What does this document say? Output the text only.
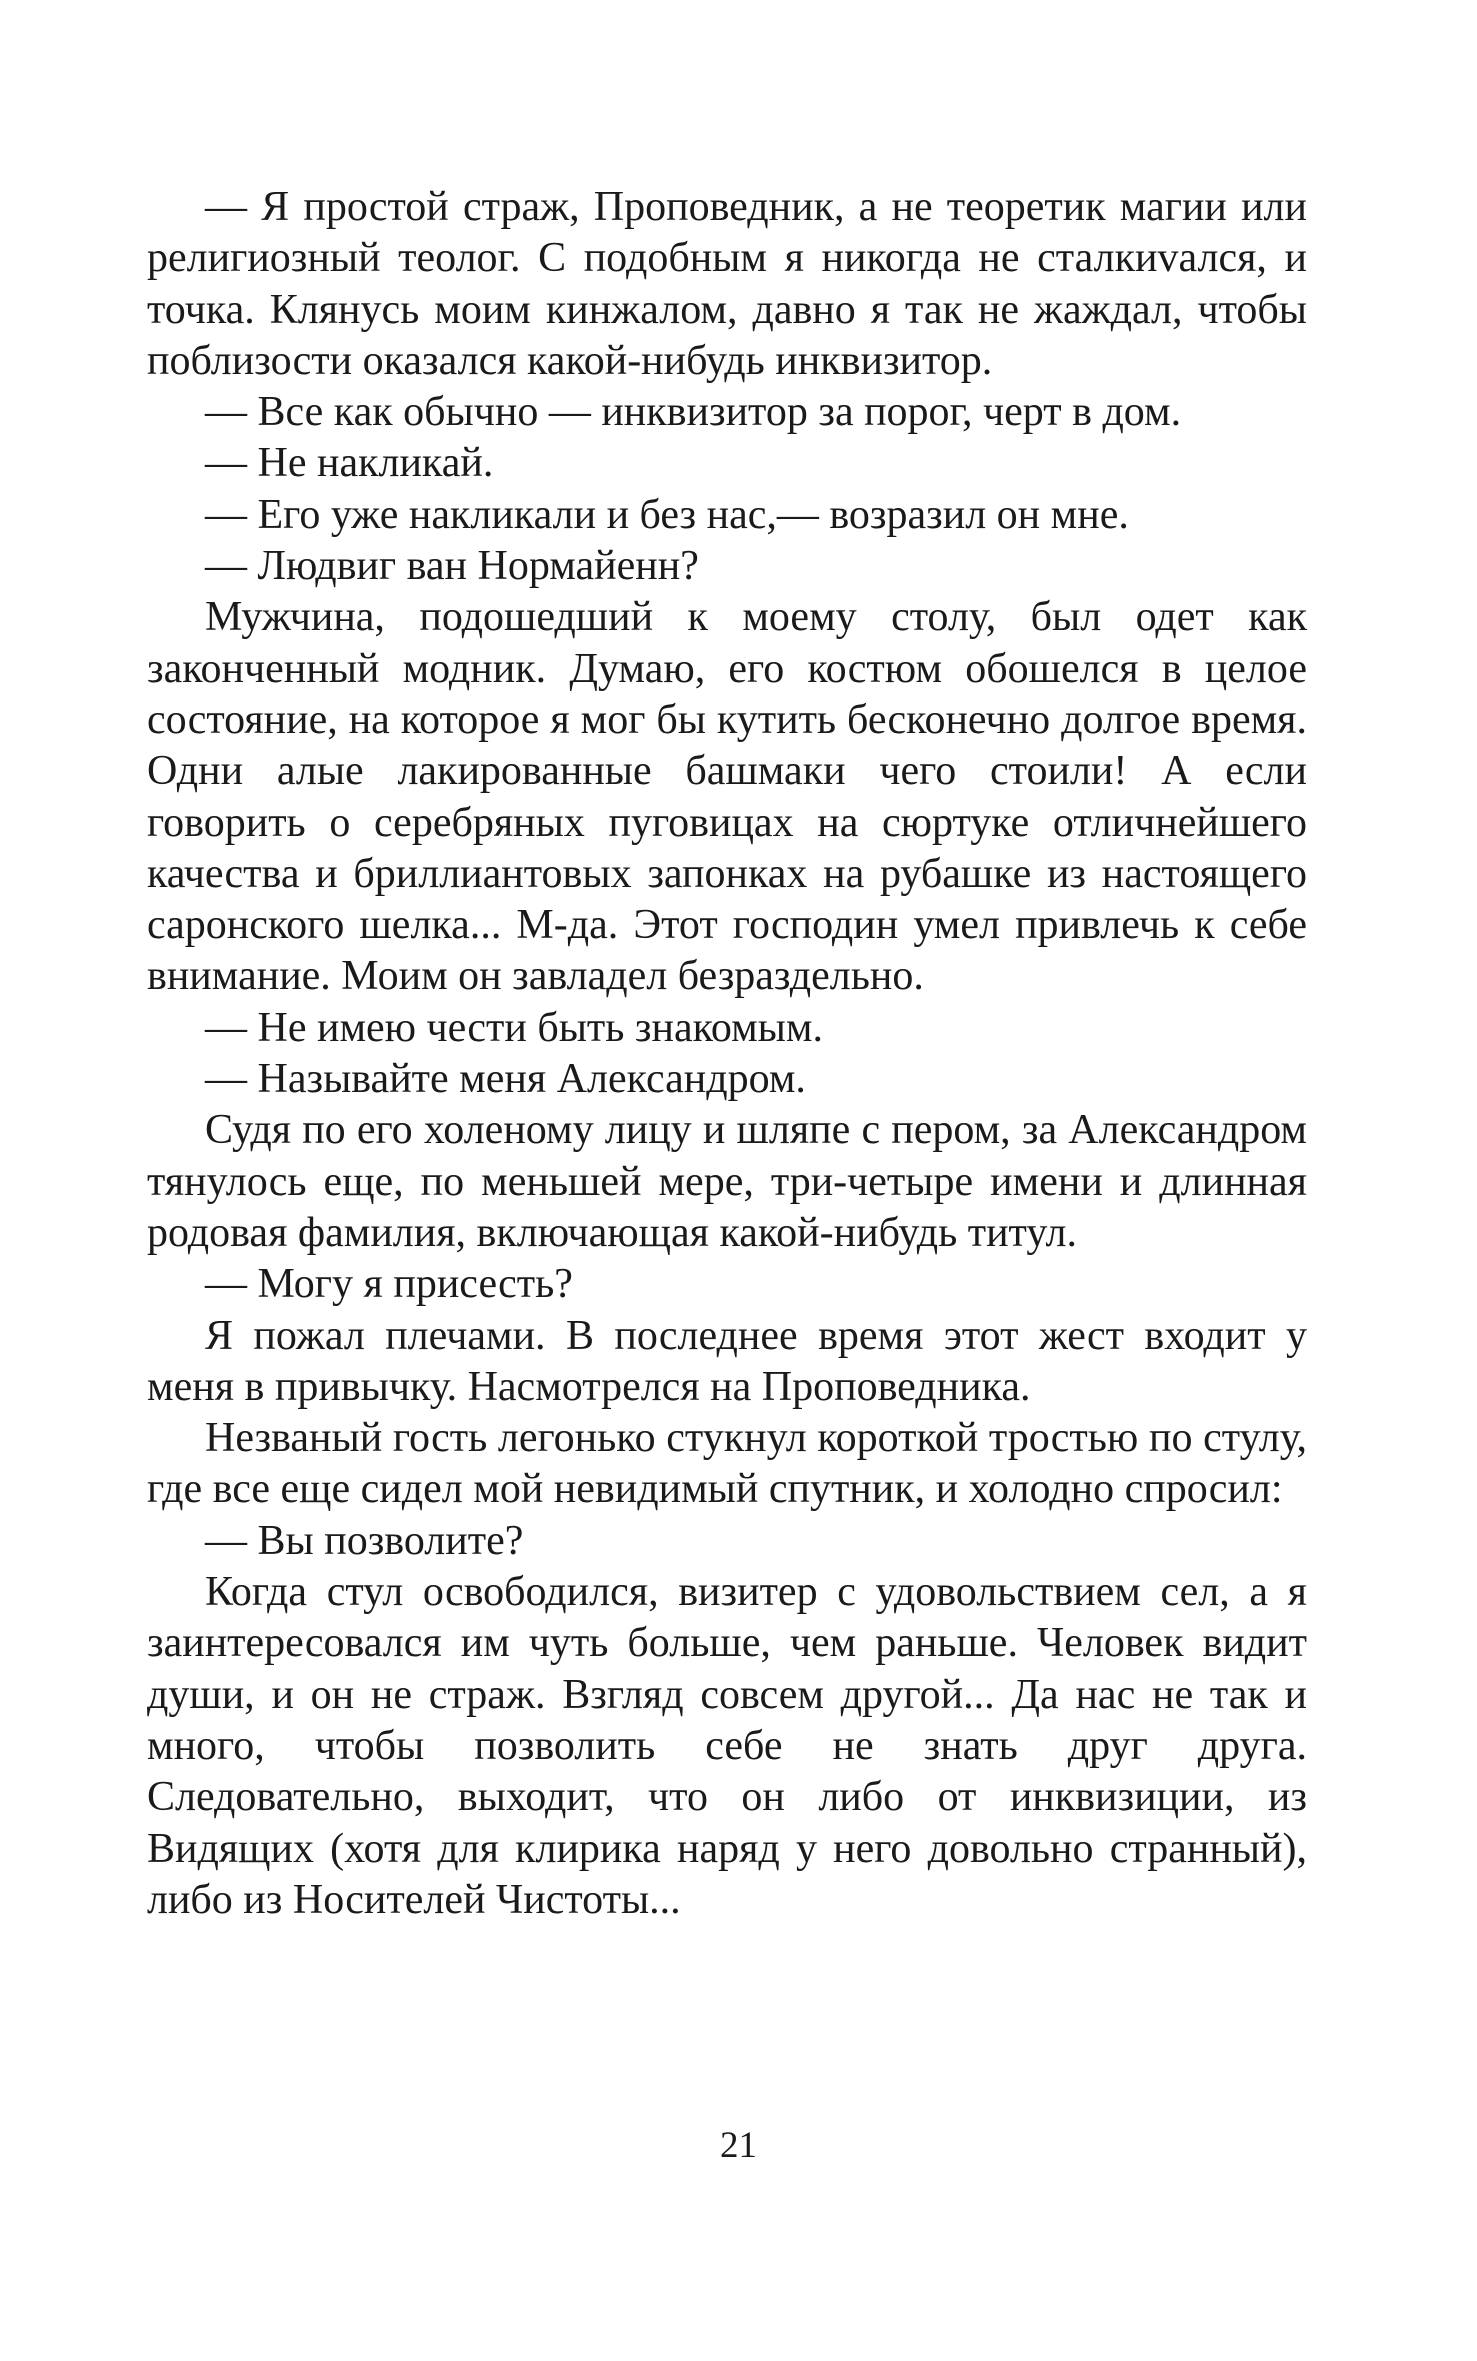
— Я простой страж, Проповедник, а не теоретик магии или религиозный теолог. С подобным я никогда не сталкиvался, и точка. Клянусь моим кинжалом, давно я так не жаждал, чтобы поблизости оказался какой-нибудь инквизитор.

— Все как обычно — инквизитор за порог, черт в дом.

— Не накликай.

— Его уже накликали и без нас,— возразил он мне.

— Людвиг ван Нормайенн?

Мужчина, подошедший к моему столу, был одет как законченный модник. Думаю, его костюм обошелся в целое состояние, на которое я мог бы кутить бесконечно долгое время. Одни алые лакированные башмаки чего стоили! А если говорить о серебряных пуговицах на сюртуке отличнейшего качества и бриллиантовых запонках на рубашке из настоящего саронского шелка... М-да. Этот господин умел привлечь к себе внимание. Моим он завладел безраздельно.

— Не имею чести быть знакомым.

— Называйте меня Александром.

Судя по его холеному лицу и шляпе с пером, за Александром тянулось еще, по меньшей мере, три-четыре имени и длинная родовая фамилия, включающая какой-нибудь титул.

— Могу я присесть?

Я пожал плечами. В последнее время этот жест входит у меня в привычку. Насмотрелся на Проповедника.

Незваный гость легонько стукнул короткой тростью по стулу, где все еще сидел мой невидимый спутник, и холодно спросил:

— Вы позволите?

Когда стул освободился, визитер с удовольствием сел, а я заинтересовался им чуть больше, чем раньше. Человек видит души, и он не страж. Взгляд совсем другой... Да нас не так и много, чтобы позволить себе не знать друг друга. Следовательно, выходит, что он либо от инквизиции, из Видящих (хотя для клирика наряд у него довольно странный), либо из Носителей Чистоты...

21
